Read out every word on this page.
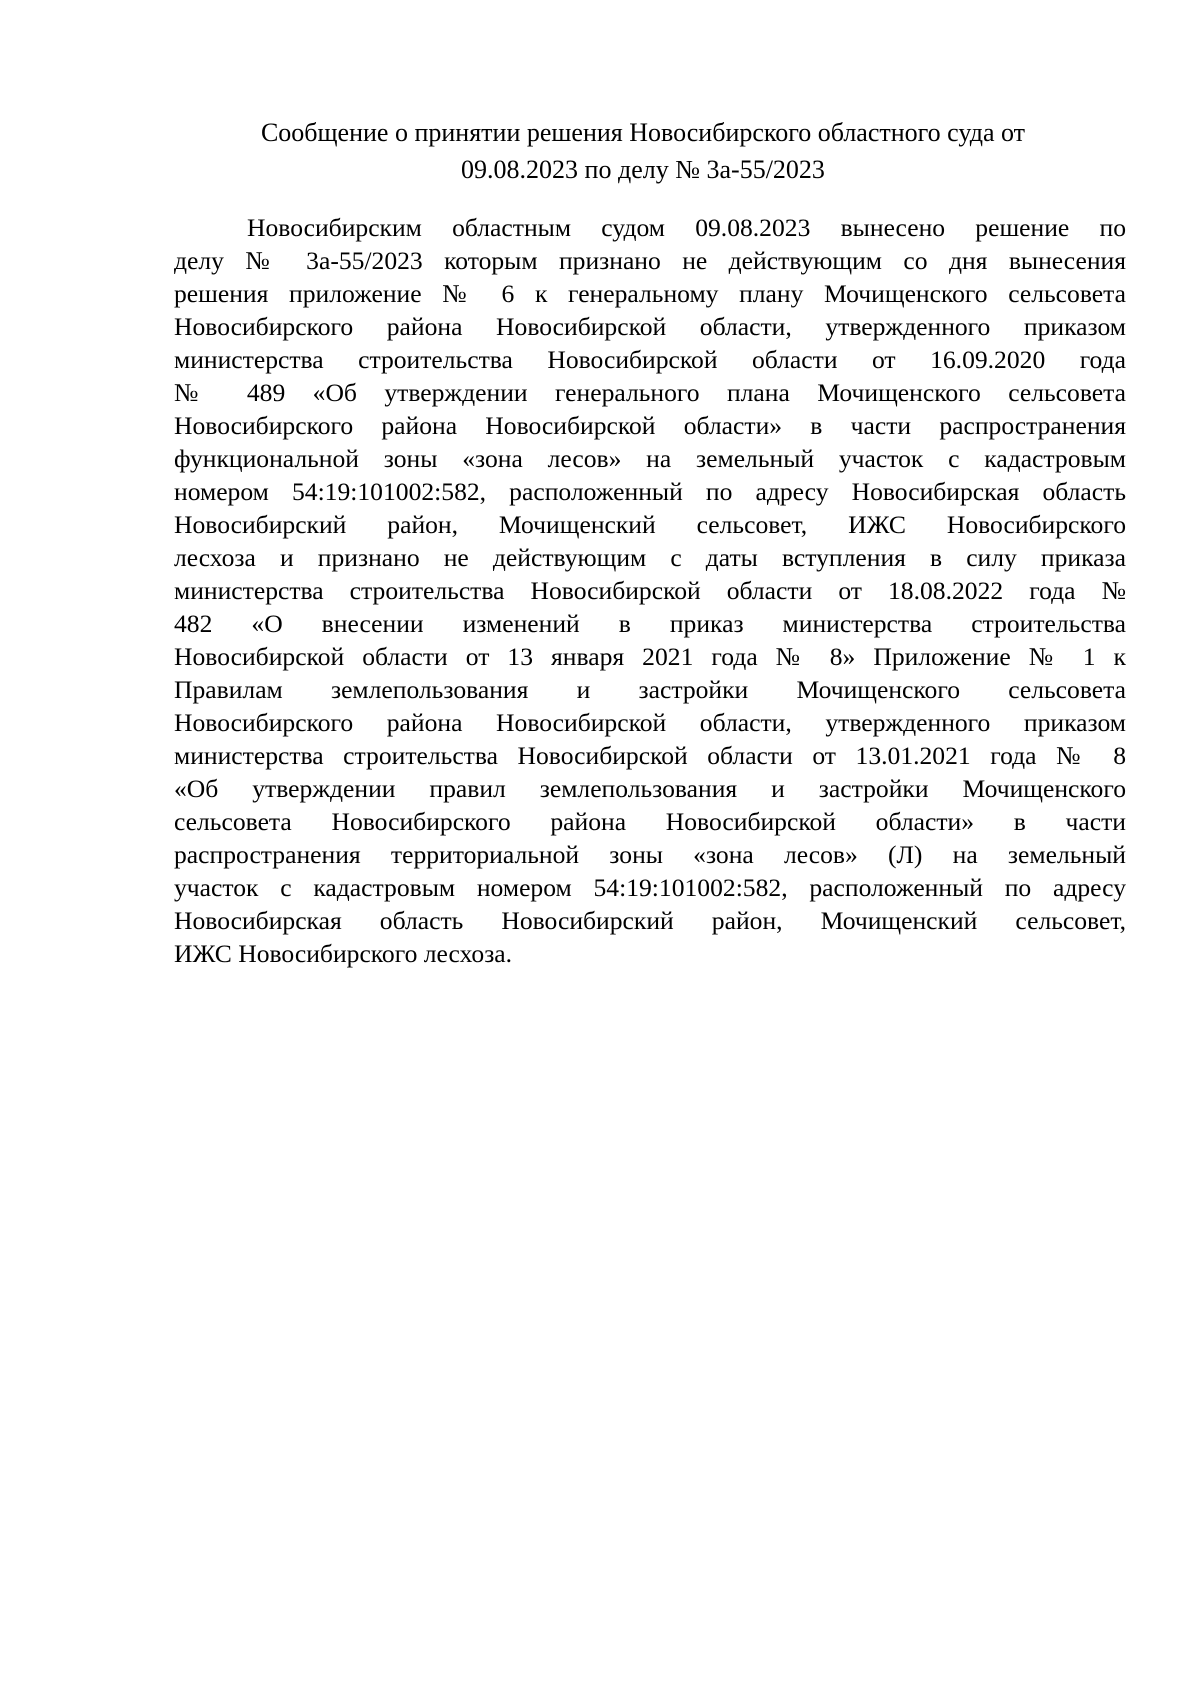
Сообщение о принятии решения Новосибирского областного суда от
09.08.2023 по делу № 3а-55/2023
Новосибирским областным судом 09.08.2023 вынесено решение по
делу № 3а-55/2023 которым признано не действующим со дня вынесения
решения приложение № 6 к генеральному плану Мочищенского сельсовета
Новосибирского района Новосибирской области, утвержденного приказом
министерства строительства Новосибирской области от 16.09.2020 года
№ 489 «Об утверждении генерального плана Мочищенского сельсовета
Новосибирского района Новосибирской области» в части распространения
функциональной зоны «зона лесов» на земельный участок с кадастровым
номером 54:19:101002:582, расположенный по адресу Новосибирская область
Новосибирский район, Мочищенский сельсовет, ИЖС Новосибирского
лесхоза и признано не действующим с даты вступления в силу приказа
министерства строительства Новосибирской области от 18.08.2022 года №
482 «О внесении изменений в приказ министерства строительства
Новосибирской области от 13 января 2021 года № 8» Приложение № 1 к
Правилам землепользования и застройки Мочищенского сельсовета
Новосибирского района Новосибирской области, утвержденного приказом
министерства строительства Новосибирской области от 13.01.2021 года № 8
«Об утверждении правил землепользования и застройки Мочищенского
сельсовета Новосибирского района Новосибирской области» в части
распространения территориальной зоны «зона лесов» (Л) на земельный
участок с кадастровым номером 54:19:101002:582, расположенный по адресу
Новосибирская область Новосибирский район, Мочищенский сельсовет,
ИЖС Новосибирского лесхоза.
